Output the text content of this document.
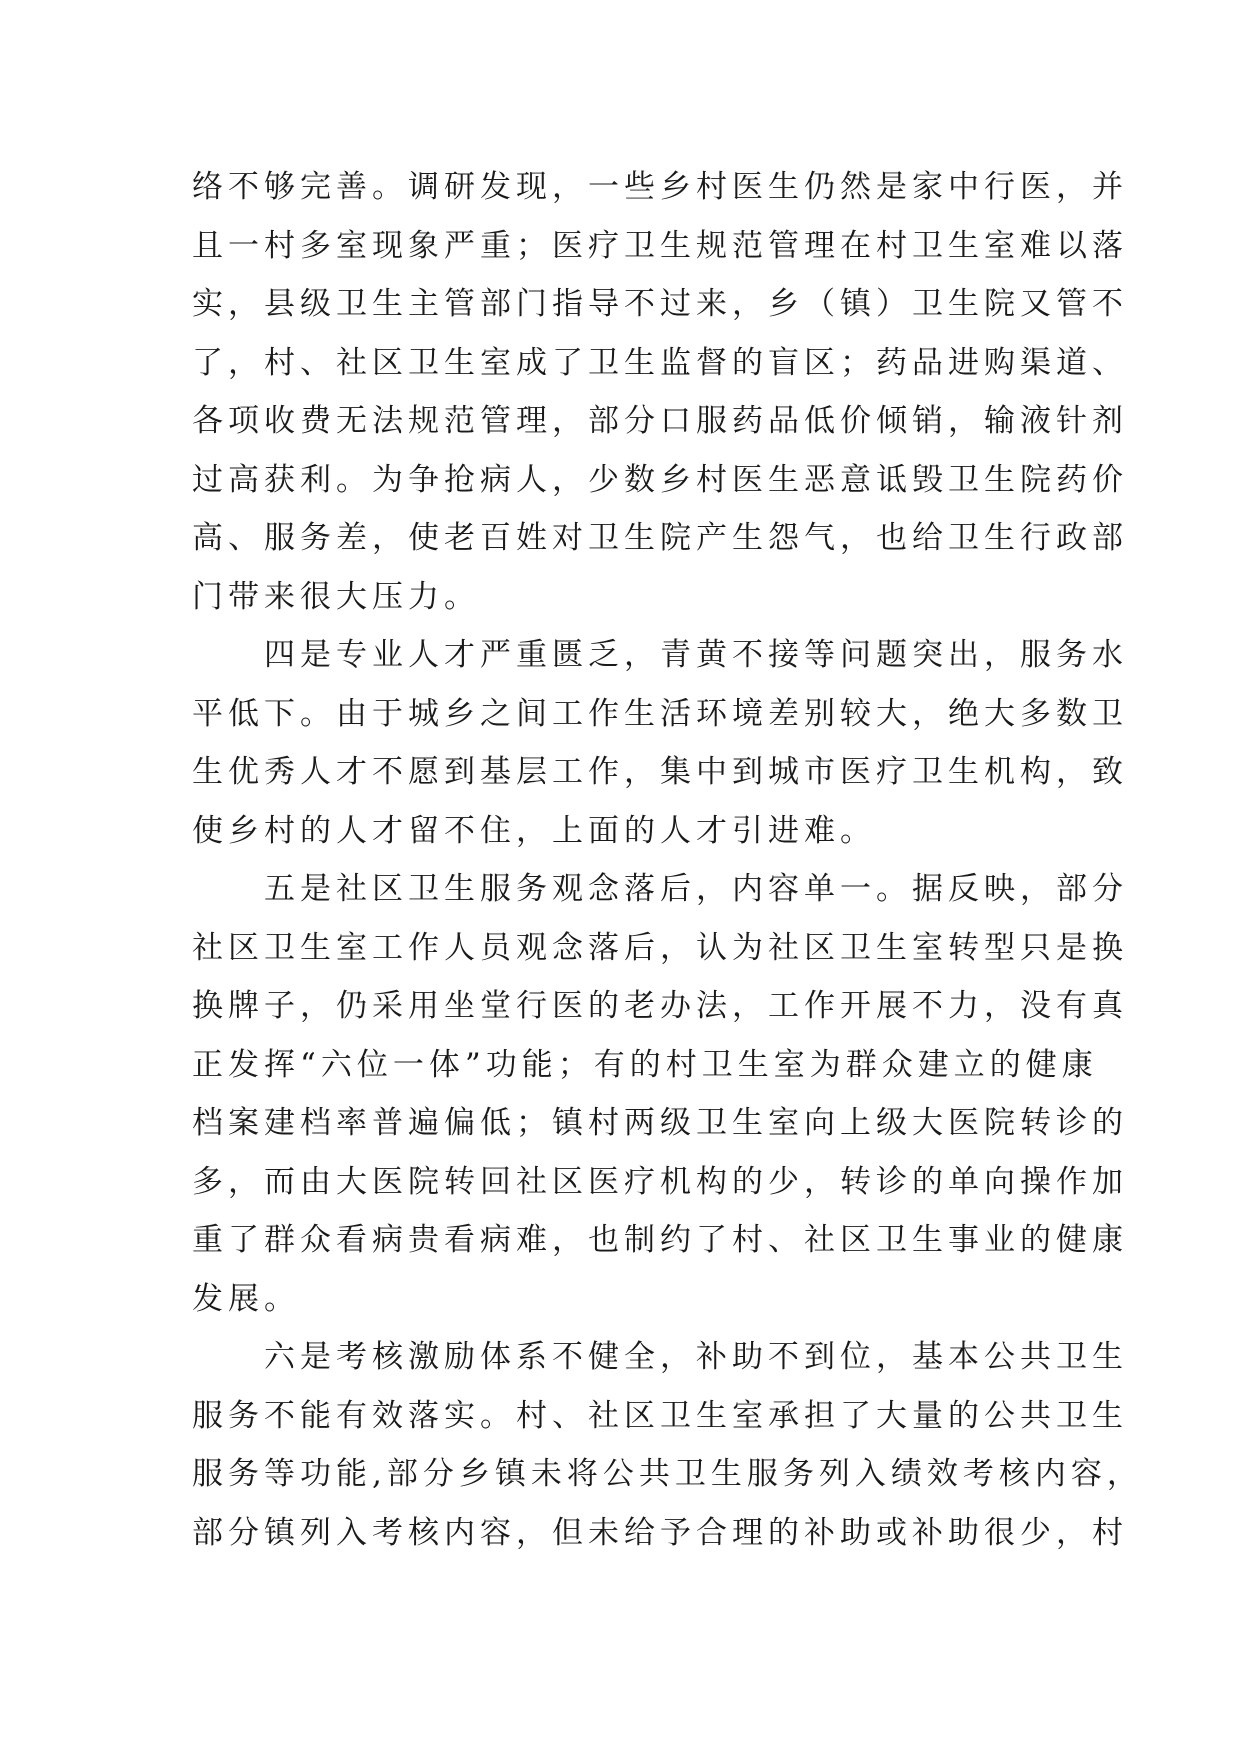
络不够完善。调研发现，一些乡村医生仍然是家中行医，并
且一村多室现象严重；医疗卫生规范管理在村卫生室难以落
实，县级卫生主管部门指导不过来，乡（镇）卫生院又管不
了，村、社区卫生室成了卫生监督的盲区；药品进购渠道、
各项收费无法规范管理，部分口服药品低价倾销，输液针剂
过高获利。为争抢病人，少数乡村医生恶意诋毁卫生院药价
高、服务差，使老百姓对卫生院产生怨气，也给卫生行政部
门带来很大压力。
　　四是专业人才严重匮乏，青黄不接等问题突出，服务水
平低下。由于城乡之间工作生活环境差别较大，绝大多数卫
生优秀人才不愿到基层工作，集中到城市医疗卫生机构，致
使乡村的人才留不住，上面的人才引进难。
　　五是社区卫生服务观念落后，内容单一。据反映，部分
社区卫生室工作人员观念落后，认为社区卫生室转型只是换
换牌子，仍采用坐堂行医的老办法，工作开展不力，没有真
正发挥“六位一体”功能；有的村卫生室为群众建立的健康
档案建档率普遍偏低；镇村两级卫生室向上级大医院转诊的
多，而由大医院转回社区医疗机构的少，转诊的单向操作加
重了群众看病贵看病难，也制约了村、社区卫生事业的健康
发展。
　　六是考核激励体系不健全，补助不到位，基本公共卫生
服务不能有效落实。村、社区卫生室承担了大量的公共卫生
服务等功能,部分乡镇未将公共卫生服务列入绩效考核内容，
部分镇列入考核内容，但未给予合理的补助或补助很少，村
